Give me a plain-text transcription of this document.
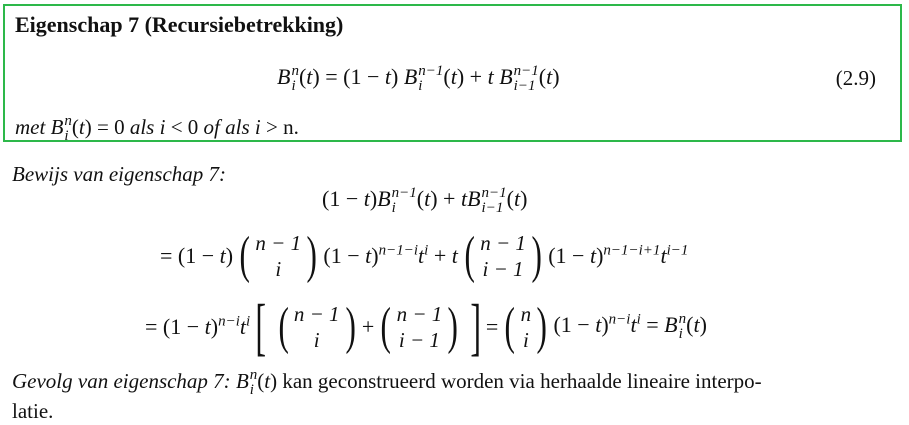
Eigenschap 7 (Recursiebetrekking)
B n
i (t) = (1 − t) B n−1
i (t) + t B n−1
i−1 (t)	(2.9)
met B n
i (t) = 0 als i < 0 of als i > n.
Bewijs van eigenschap 7:
(1 − t)B n−1
i (t) + tB n−1
i−1 (t)
= (1 − t) ( n − 1
i ) $(1 - t)^{n-1-i}t^i + t$ ( n − 1
i − 1 ) $(1 - t)^{n-1-i+1}t^{i-1}$
= $(1 - t)^{n-i}t^i$ [ ( n − 1
i ) + ( n − 1
i − 1 ) ] = ( n
i ) $(1 - t)^{n-i}t^i = B$ n
i (t)
Gevolg van eigenschap 7: B n
i (t) kan geconstrueerd worden via herhaalde lineaire interpo-
latie.
